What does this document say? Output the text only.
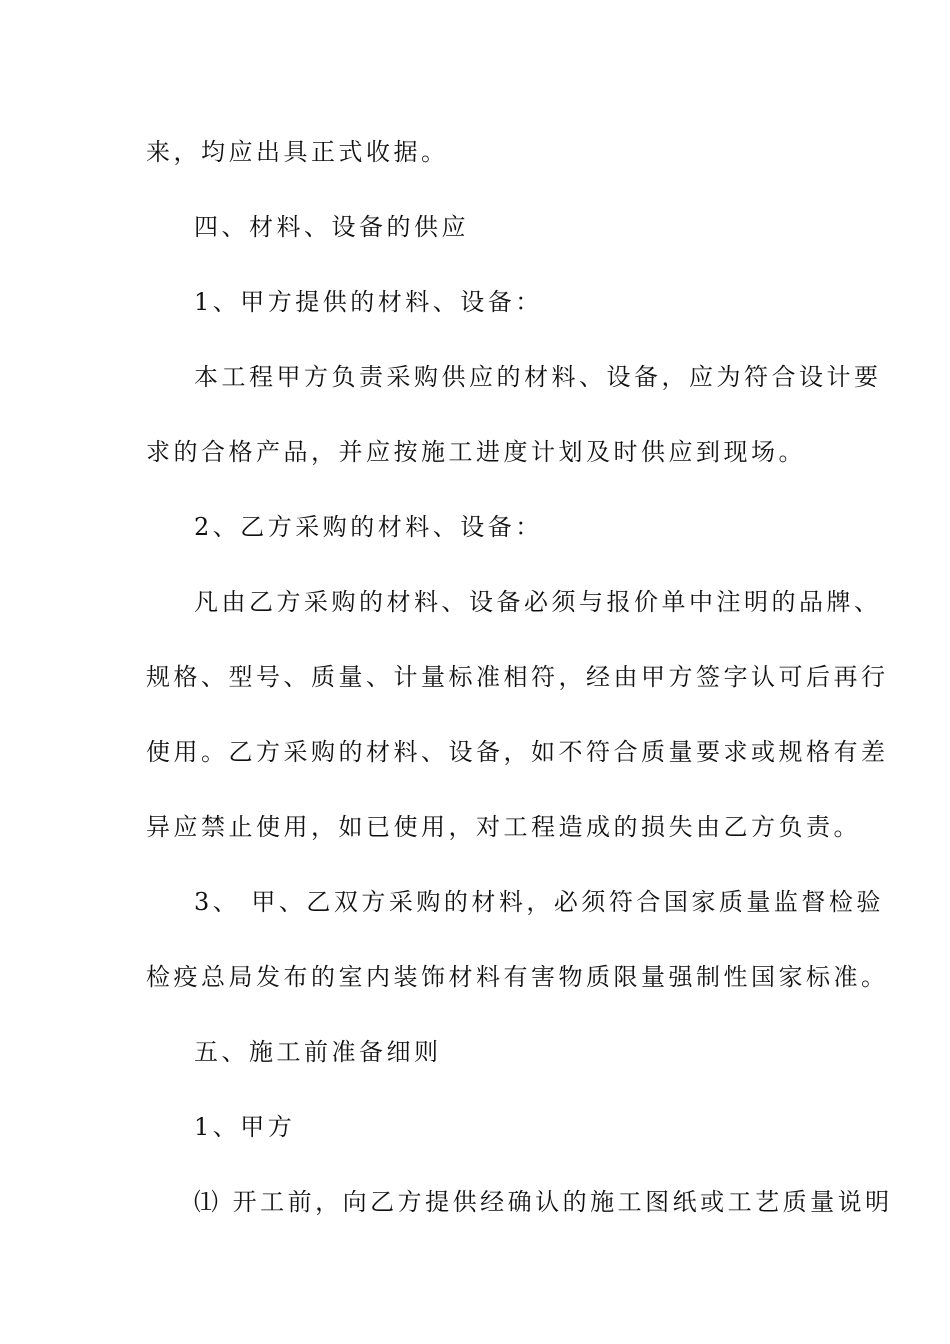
来，均应出具正式收据。
四、材料、设备的供应
1、甲方提供的材料、设备：
本工程甲方负责采购供应的材料、设备，应为符合设计要
求的合格产品，并应按施工进度计划及时供应到现场。
2、乙方采购的材料、设备：
凡由乙方采购的材料、设备必须与报价单中注明的品牌、
规格、型号、质量、计量标准相符，经由甲方签字认可后再行
使用。乙方采购的材料、设备，如不符合质量要求或规格有差
异应禁止使用，如已使用，对工程造成的损失由乙方负责。
3、 甲、乙双方采购的材料，必须符合国家质量监督检验
检疫总局发布的室内装饰材料有害物质限量强制性国家标准。
五、施工前准备细则
1、甲方
⑴ 开工前，向乙方提供经确认的施工图纸或工艺质量说明
